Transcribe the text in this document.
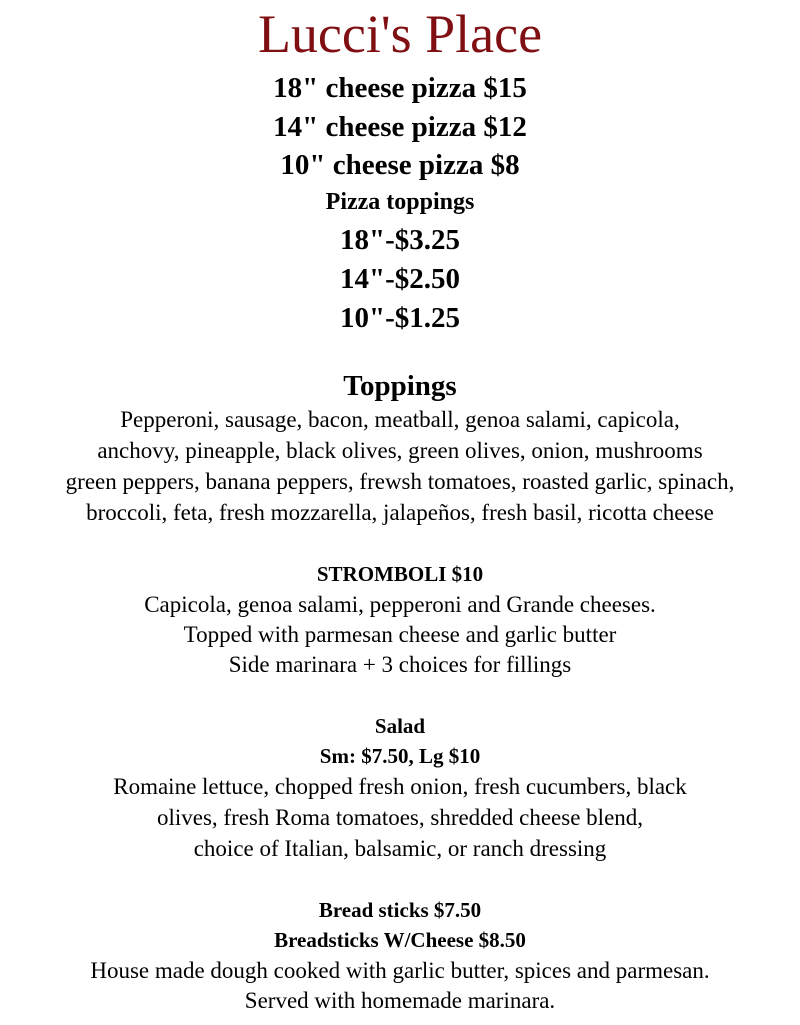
Lucci's Place
18" cheese pizza $15
14" cheese pizza $12
10" cheese pizza $8
Pizza toppings
18"-$3.25
14"-$2.50
10"-$1.25
Toppings
Pepperoni, sausage, bacon, meatball, genoa salami, capicola,
anchovy, pineapple, black olives, green olives, onion, mushrooms
green peppers, banana peppers, frewsh tomatoes, roasted garlic, spinach,
broccoli, feta, fresh mozzarella, jalapeños, fresh basil, ricotta cheese
STROMBOLI $10
Capicola, genoa salami, pepperoni and Grande cheeses.
Topped with parmesan cheese and garlic butter
Side marinara + 3 choices for fillings
Salad
Sm: $7.50, Lg $10
Romaine lettuce, chopped fresh onion, fresh cucumbers, black
olives, fresh Roma tomatoes, shredded cheese blend,
choice of Italian, balsamic, or ranch dressing
Bread sticks $7.50
Breadsticks W/Cheese $8.50
House made dough cooked with garlic butter, spices and parmesan.
Served with homemade marinara.
